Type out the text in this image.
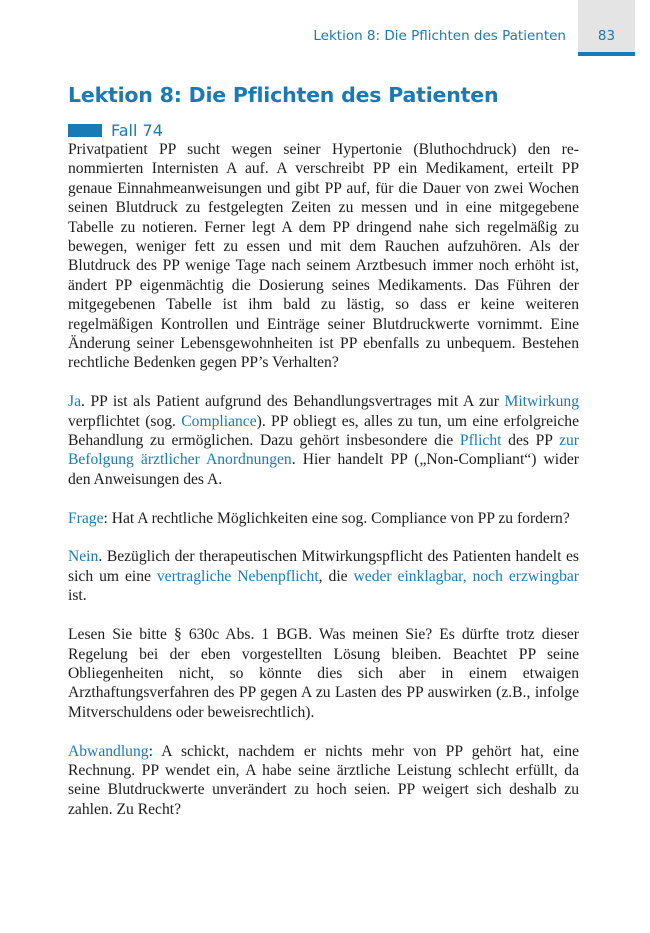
Lektion 8: Die Pflichten des Patienten	83
Lektion 8: Die Pflichten des Patienten
Fall 74

Privatpatient PP sucht wegen seiner Hypertonie (Bluthochdruck) den renommierten Internisten A auf. A verschreibt PP ein Medikament, erteilt PP genaue Einnahmeanweisungen und gibt PP auf, für die Dauer von zwei Wochen seinen Blutdruck zu festgelegten Zeiten zu messen und in eine mitgegebene Tabelle zu notieren. Ferner legt A dem PP dringend nahe sich regelmäßig zu bewegen, weniger fett zu essen und mit dem Rauchen aufzuhören. Als der Blutdruck des PP wenige Tage nach seinem Arztbesuch immer noch erhöht ist, ändert PP eigenmächtig die Dosierung seines Medikaments. Das Führen der mitgegebenen Tabelle ist ihm bald zu lästig, so dass er keine weiteren regelmäßigen Kontrollen und Einträge seiner Blutdruckwerte vornimmt. Eine Änderung seiner Lebensgewohnheiten ist PP ebenfalls zu unbequem. Bestehen rechtliche Bedenken gegen PP’s Verhalten?

Ja. PP ist als Patient aufgrund des Behandlungsvertrages mit A zur Mitwirkung verpflichtet (sog. Compliance). PP obliegt es, alles zu tun, um eine erfolgreiche Behandlung zu ermöglichen. Dazu gehört insbesondere die Pflicht des PP zur Befolgung ärztlicher Anordnungen. Hier handelt PP („Non-Compliant“) wider den Anweisungen des A.

Frage: Hat A rechtliche Möglichkeiten eine sog. Compliance von PP zu fordern?

Nein. Bezüglich der therapeutischen Mitwirkungspflicht des Patienten handelt es sich um eine vertragliche Nebenpflicht, die weder einklagbar, noch erzwingbar ist.

Lesen Sie bitte § 630c Abs. 1 BGB. Was meinen Sie? Es dürfte trotz dieser Regelung bei der eben vorgestellten Lösung bleiben. Beachtet PP seine Obliegenheiten nicht, so könnte dies sich aber in einem etwaigen Arzthaftungsverfahren des PP gegen A zu Lasten des PP auswirken (z.B., infolge Mitverschuldens oder beweisrechtlich).

Abwandlung: A schickt, nachdem er nichts mehr von PP gehört hat, eine Rechnung. PP wendet ein, A habe seine ärztliche Leistung schlecht erfüllt, da seine Blutdruckwerte unverändert zu hoch seien. PP weigert sich deshalb zu zahlen. Zu Recht?
